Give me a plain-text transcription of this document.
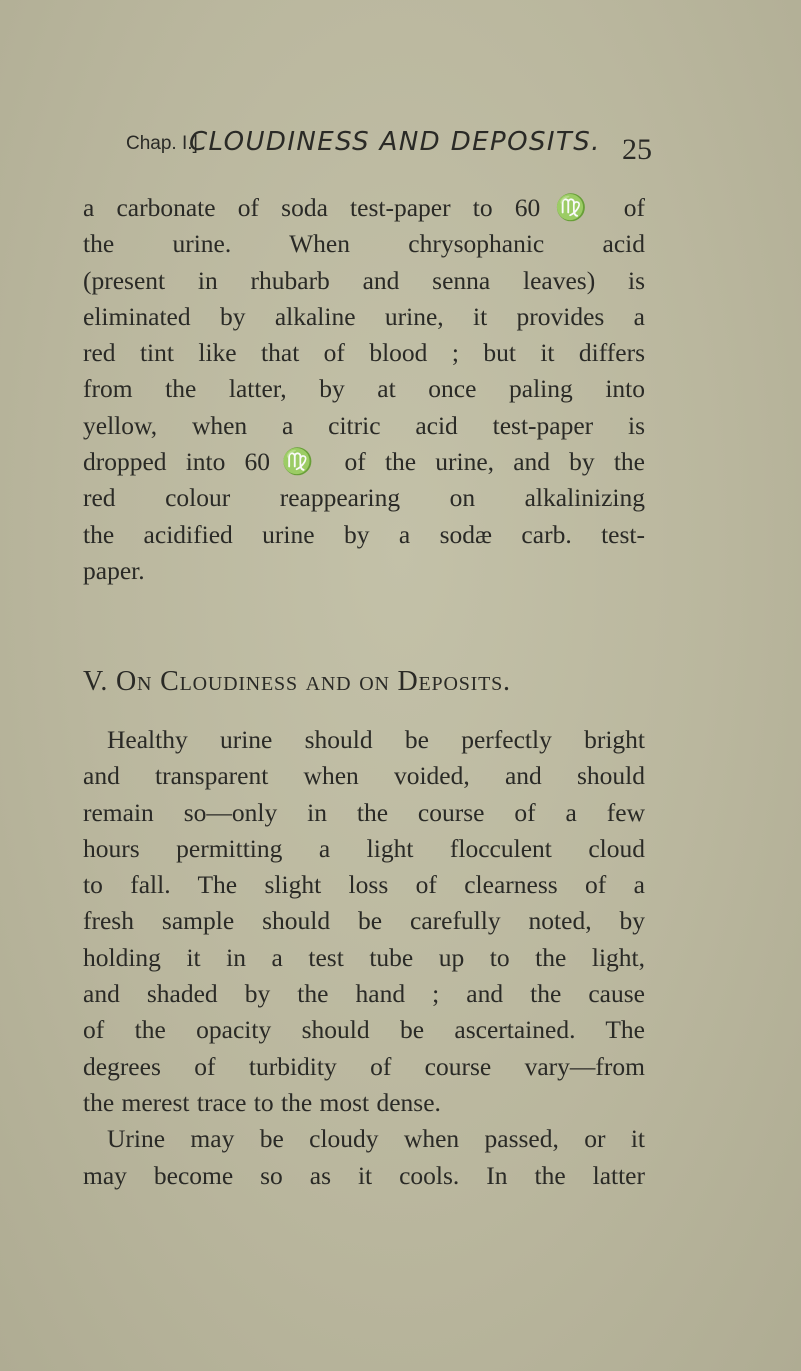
Chap. I.]
CLOUDINESS AND DEPOSITS. 25
a carbonate of soda test-paper to 60♍ of
the urine. When chrysophanic acid
(present in rhubarb and senna leaves) is
eliminated by alkaline urine, it provides a
red tint like that of blood ; but it differs
from the latter, by at once paling into
yellow, when a citric acid test-paper is
dropped into 60♍ of the urine, and by the
red colour reappearing on alkalinizing
the acidified urine by a sodæ carb. test-
paper.
V. On Cloudiness and on Deposits.
Healthy urine should be perfectly bright
and transparent when voided, and should
remain so—only in the course of a few
hours permitting a light flocculent cloud
to fall. The slight loss of clearness of a
fresh sample should be carefully noted, by
holding it in a test tube up to the light,
and shaded by the hand ; and the cause
of the opacity should be ascertained. The
degrees of turbidity of course vary—from
the merest trace to the most dense.
Urine may be cloudy when passed, or it
may become so as it cools. In the latter
